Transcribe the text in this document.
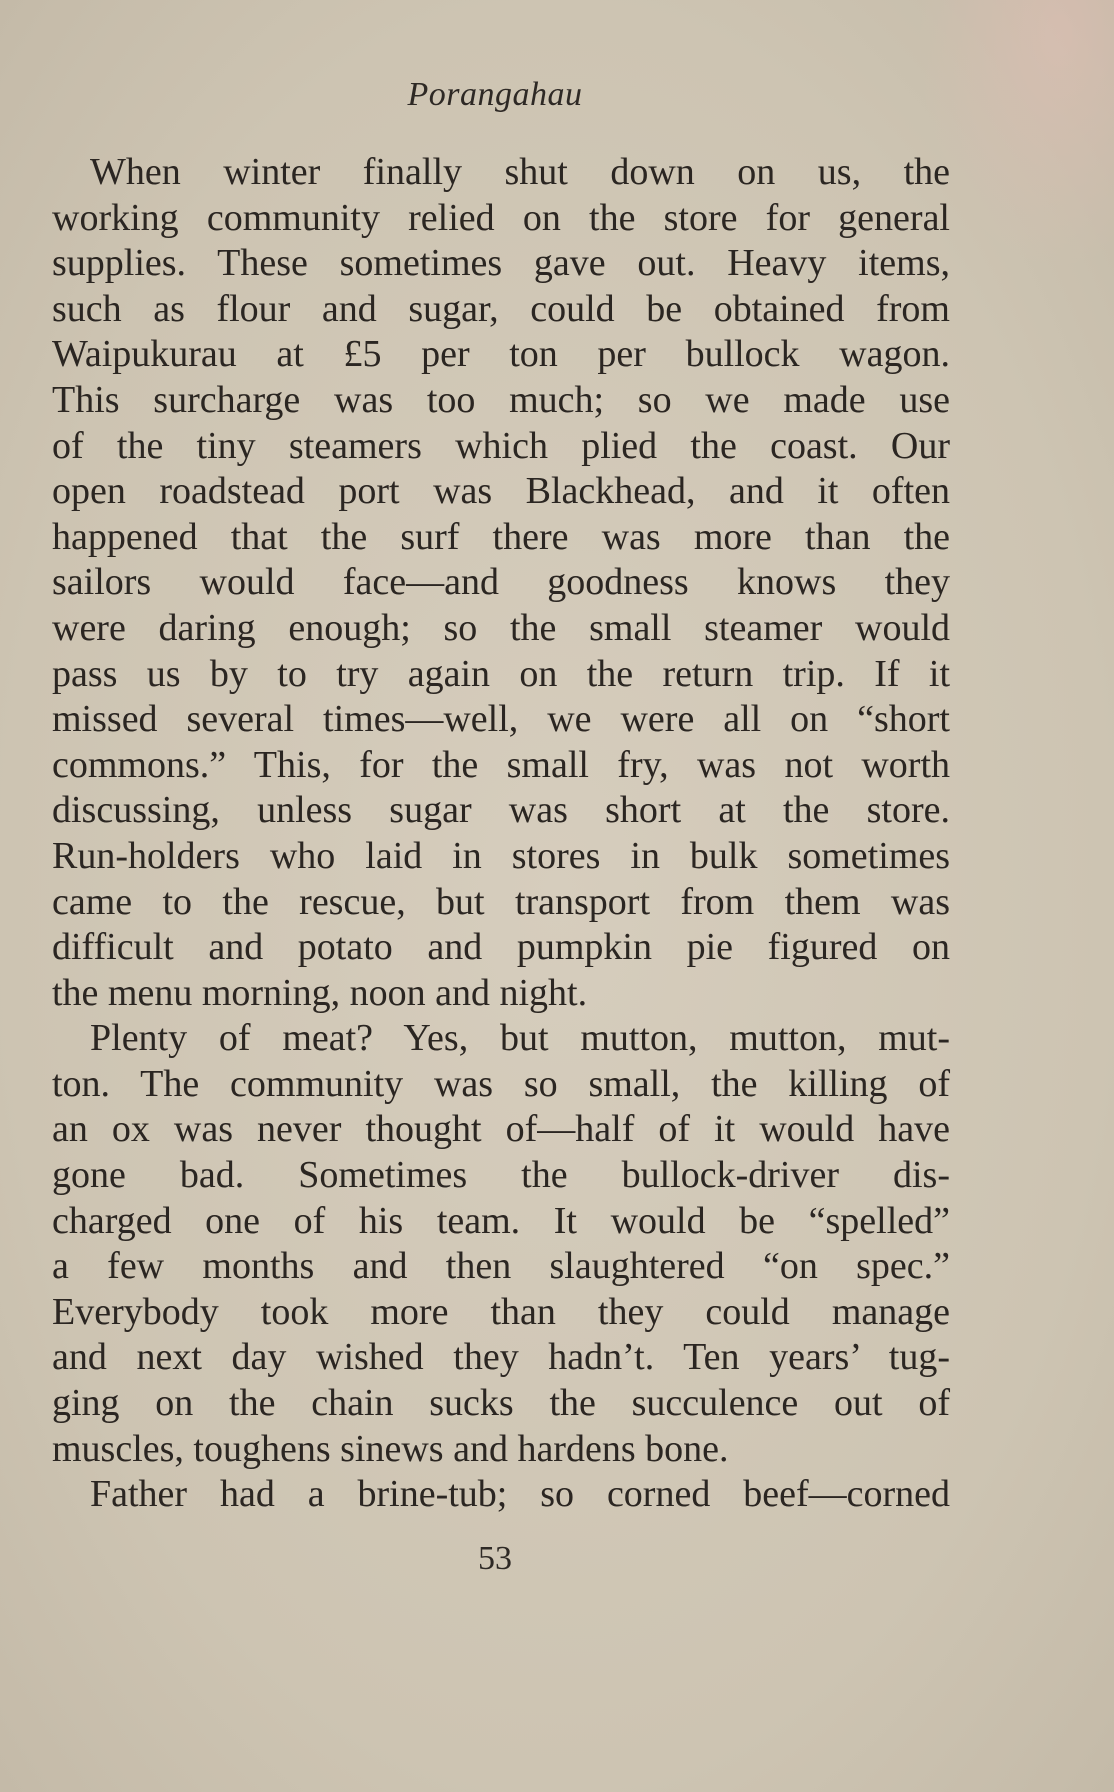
Porangahau
When winter finally shut down on us, the
working community relied on the store for general
supplies. These sometimes gave out. Heavy items,
such as flour and sugar, could be obtained from
Waipukurau at £5 per ton per bullock wagon.
This surcharge was too much; so we made use
of the tiny steamers which plied the coast. Our
open roadstead port was Blackhead, and it often
happened that the surf there was more than the
sailors would face—and goodness knows they
were daring enough; so the small steamer would
pass us by to try again on the return trip. If it
missed several times—well, we were all on “short
commons.” This, for the small fry, was not worth
discussing, unless sugar was short at the store.
Run-holders who laid in stores in bulk sometimes
came to the rescue, but transport from them was
difficult and potato and pumpkin pie figured on
the menu morning, noon and night.
Plenty of meat? Yes, but mutton, mutton, mut-
ton. The community was so small, the killing of
an ox was never thought of—half of it would have
gone bad. Sometimes the bullock-driver dis-
charged one of his team. It would be “spelled”
a few months and then slaughtered “on spec.”
Everybody took more than they could manage
and next day wished they hadn’t. Ten years’ tug-
ging on the chain sucks the succulence out of
muscles, toughens sinews and hardens bone.
Father had a brine-tub; so corned beef—corned
53
